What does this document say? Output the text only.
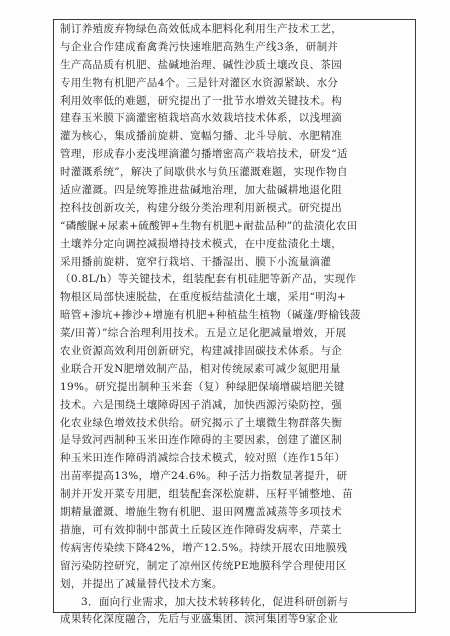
制订养殖废弃物绿色高效低成本肥料化利用生产技术工艺，
与企业合作建成畜禽粪污快速堆肥高熟生产线3条，研制并
生产高品质有机肥、盐碱地治理、碱性沙质土壤改良、茶园
专用生物有机肥产品4个。三是针对灌区水资源紧缺、水分
利用效率低的难题，研究提出了一批节水增效关键技术。构
建春玉米膜下滴灌密植栽培高水效栽培技术体系，以浅埋滴
灌为核心，集成播前旋耕、宽幅匀播、北斗导航、水肥精准
管理，形成春小麦浅埋滴灌匀播增密高产栽培技术，研发“适
时灌溉系统”，解决了间歇供水与负压灌溉难题，实现作物自
适应灌溉。四是统筹推进盐碱地治理，加大盐碱耕地退化阻
控科技创新攻关，构建分级分类治理利用新模式。研究提出
“磷酸脲+尿素+硫酸钾+生物有机肥+耐盐品种”的盐渍化农田
土壤养分定向调控减损增持技术模式，在中度盐渍化土壤，
采用播前旋耕、宽窄行栽培、干播湿出、膜下小流量滴灌
（0.8L/h）等关键技术，组装配套有机硅肥等新产品，实现作
物根区局部快速脱盐，在重度板结盐渍化土壤，采用“明沟+
暗管+渗坑+掺沙+增施有机肥+种植盐生植物（碱蓬/野榆钱菠
菜/田菁）”综合治理利用技术。五是立足化肥减量增效，开展
农业资源高效利用创新研究，构建减排固碳技术体系。与企
业联合开发N肥增效制产品，相对传统尿素可减少氮肥用量
19%。研究提出制种玉米套（复）种绿肥保墒增碳培肥关键
技术。六是围绕土壤障碍因子消减，加快西源污染防控，强
化农业绿色增效技术供给。研究揭示了土壤微生物群落失衡
是导致河西制种玉米田连作障碍的主要因素，创建了灌区制
种玉米田连作障碍消减综合技术模式，较对照（连作15年）
出苗率提高13%，增产24.6%。种子活力指数显著提升，研
制并开发开菜专用肥，组装配套深松旋耕、压籽平铺整地、苗
期精量灌溉、增施生物有机肥、退田网鹰盖减蒸等多项技术
措施，可有效抑制中部黄土丘陵区连作障碍发病率，芹菜土
传病害传染续下降42%，增产12.5%。持续开展农田地膜残
留污染防控研究，制定了凉州区传统PE地膜科学合理使用区
划，并提出了减量替代技术方案。
3．面向行业需求，加大技术转移转化，促进科研创新与
成果转化深度融合，先后与亚盛集团、滨河集团等9家企业
